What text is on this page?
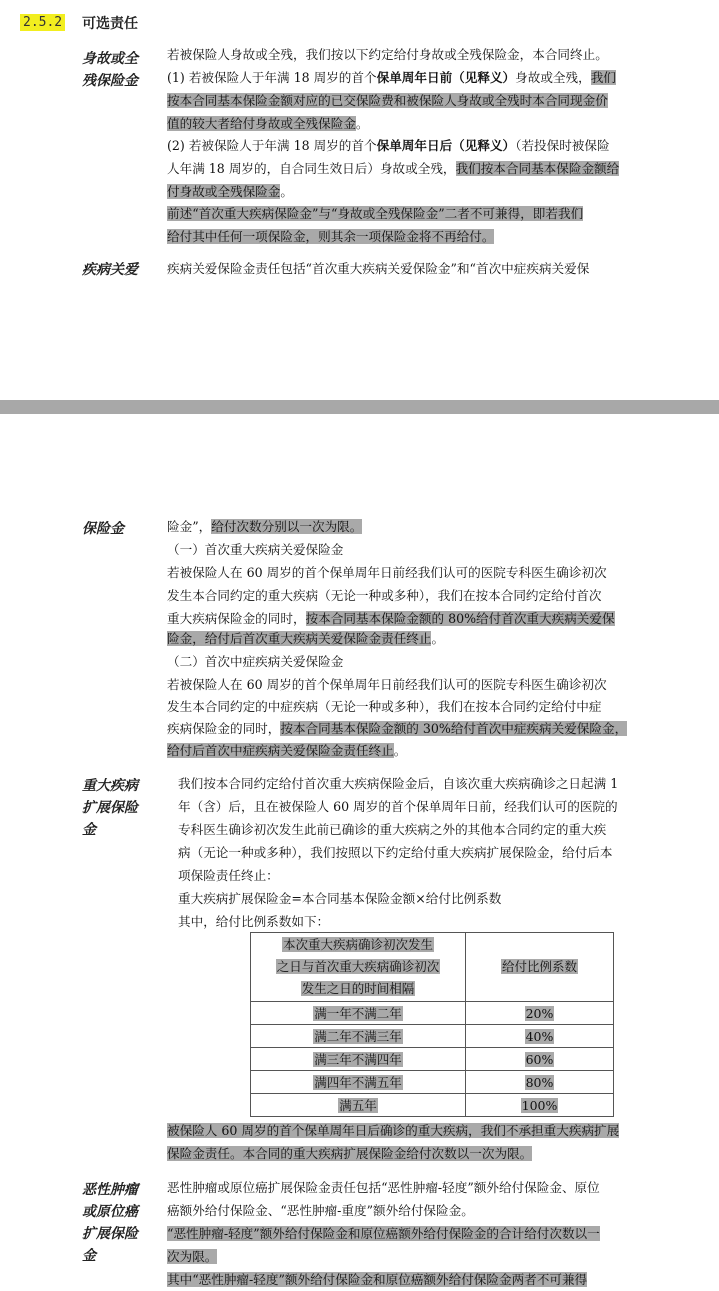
2.5.2 可选责任
身故或全
残保险金
若被保险人身故或全残，我们按以下约定给付身故或全残保险金，本合同终止。
(1) 若被保险人于年满 18 周岁的首个保单周年日前（见释义）身故或全残，我们
按本合同基本保险金额对应的已交保险费和被保险人身故或全残时本合同现金价
值的较大者给付身故或全残保险金。
(2) 若被保险人于年满 18 周岁的首个保单周年日后（见释义）（若投保时被保险
人年满 18 周岁的，自合同生效日后）身故或全残，我们按本合同基本保险金额给
付身故或全残保险金。
前述“首次重大疾病保险金”与“身故或全残保险金”二者不可兼得，即若我们
给付其中任何一项保险金，则其余一项保险金将不再给付。
疾病关爱 疾病关爱保险金责任包括“首次重大疾病关爱保险金”和“首次中症疾病关爱保
保险金	险金”，给付次数分别以一次为限。
（一）首次重大疾病关爱保险金
若被保险人在 60 周岁的首个保单周年日前经我们认可的医院专科医生确诊初次
发生本合同约定的重大疾病（无论一种或多种），我们在按本合同约定给付首次
重大疾病保险金的同时，按本合同基本保险金额的 80%给付首次重大疾病关爱保
险金，给付后首次重大疾病关爱保险金责任终止。
（二）首次中症疾病关爱保险金
若被保险人在 60 周岁的首个保单周年日前经我们认可的医院专科医生确诊初次
发生本合同约定的中症疾病（无论一种或多种），我们在按本合同约定给付中症
疾病保险金的同时，按本合同基本保险金额的 30%给付首次中症疾病关爱保险金，
给付后首次中症疾病关爱保险金责任终止。
重大疾病
扩展保险
金
我们按本合同约定给付首次重大疾病保险金后，自该次重大疾病确诊之日起满 1
年（含）后，且在被保险人 60 周岁的首个保单周年日前，经我们认可的医院的
专科医生确诊初次发生此前已确诊的重大疾病之外的其他本合同约定的重大疾
病（无论一种或多种），我们按照以下约定给付重大疾病扩展保险金，给付后本
项保险责任终止：
重大疾病扩展保险金=本合同基本保险金额×给付比例系数
其中，给付比例系数如下：
本次重大疾病确诊初次发生
之日与首次重大疾病确诊初次
发生之日的时间相隔	给付比例系数
满一年不满二年	20%
满二年不满三年	40%
满三年不满四年	60%
满四年不满五年	80%
满五年	100%
被保险人 60 周岁的首个保单周年日后确诊的重大疾病，我们不承担重大疾病扩展
保险金责任。本合同的重大疾病扩展保险金给付次数以一次为限。
恶性肿瘤
或原位癌
扩展保险
金
恶性肿瘤或原位癌扩展保险金责任包括“恶性肿瘤-轻度”额外给付保险金、原位
癌额外给付保险金、“恶性肿瘤-重度”额外给付保险金。
“恶性肿瘤-轻度”额外给付保险金和原位癌额外给付保险金的合计给付次数以一
次为限。
其中“恶性肿瘤-轻度”额外给付保险金和原位癌额外给付保险金两者不可兼得
